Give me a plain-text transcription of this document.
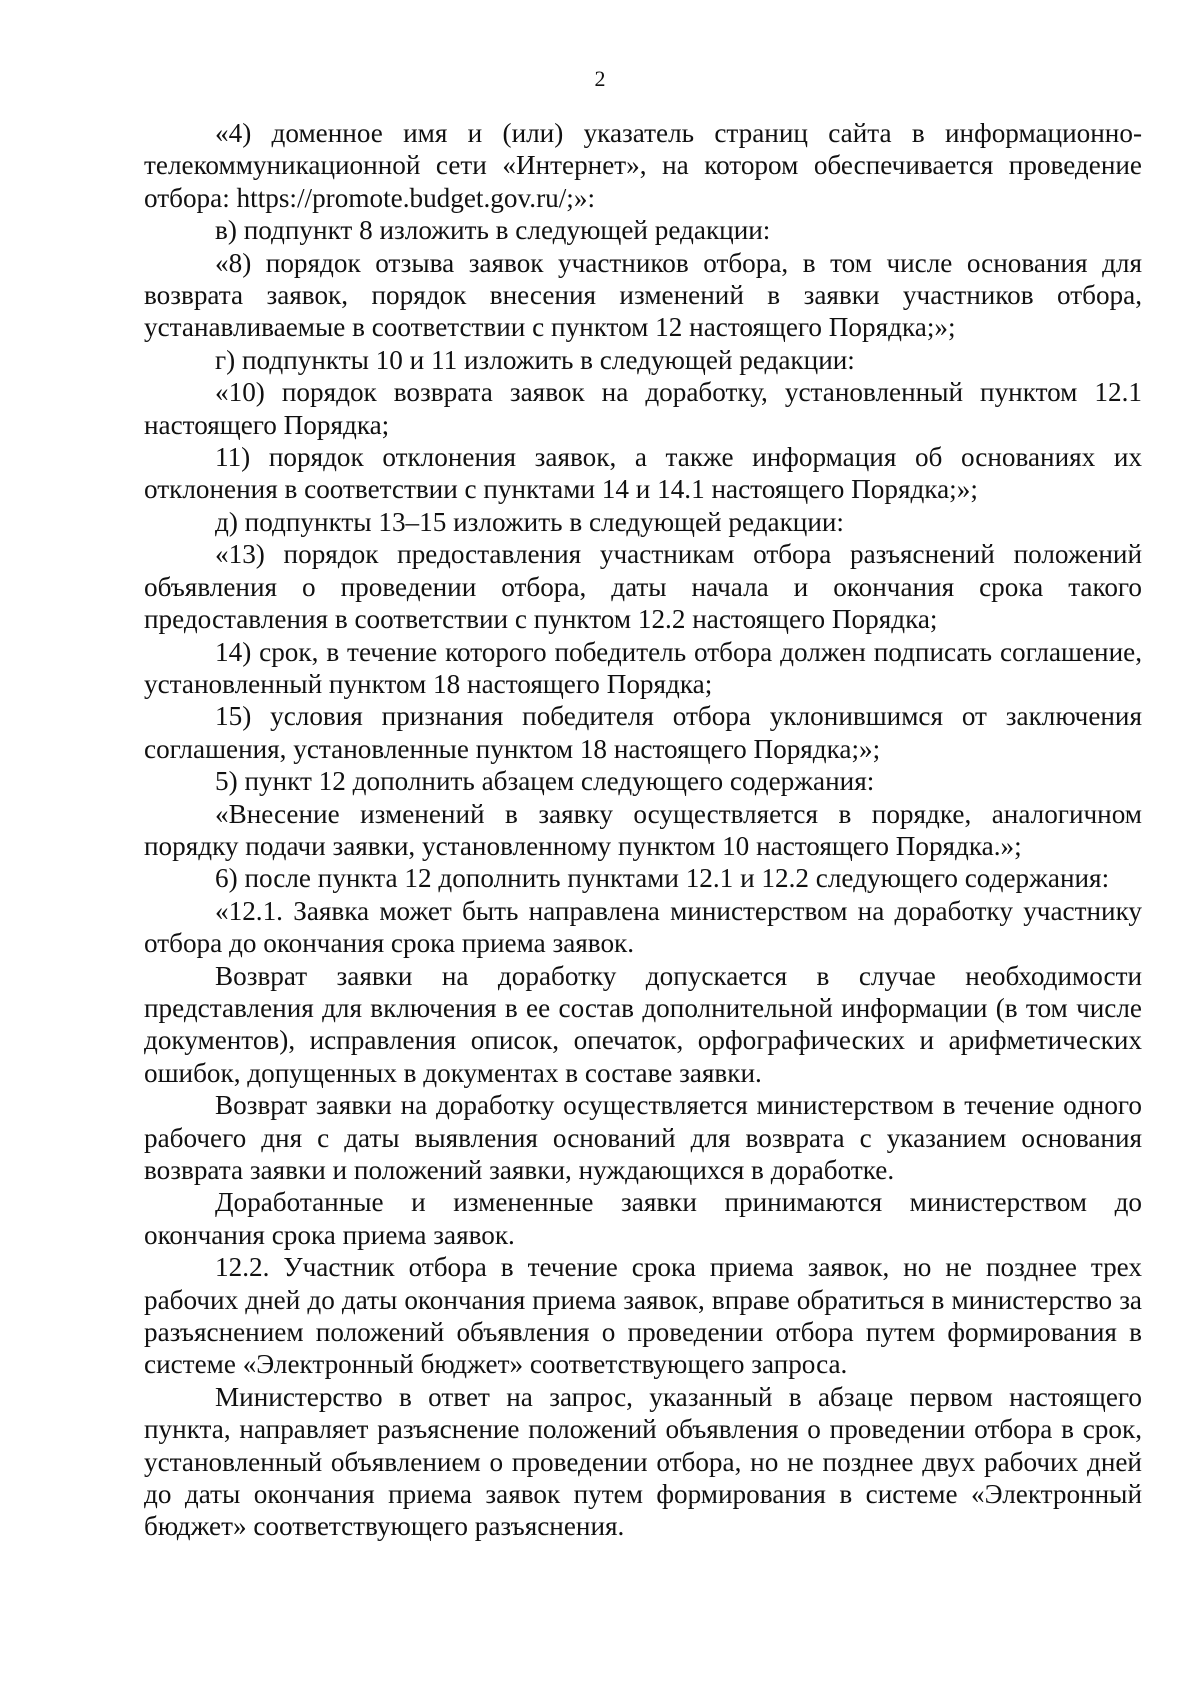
2

«4) доменное имя и (или) указатель страниц сайта в информационно-телекоммуникационной сети «Интернет», на котором обеспечивается проведение отбора: https://promote.budget.gov.ru/;»:

в) подпункт 8 изложить в следующей редакции:

«8) порядок отзыва заявок участников отбора, в том числе основания для возврата заявок, порядок внесения изменений в заявки участников отбора, устанавливаемые в соответствии с пунктом 12 настоящего Порядка;»;

г) подпункты 10 и 11 изложить в следующей редакции:

«10) порядок возврата заявок на доработку, установленный пунктом 12.1 настоящего Порядка;

11) порядок отклонения заявок, а также информация об основаниях их отклонения в соответствии с пунктами 14 и 14.1 настоящего Порядка;»;

д) подпункты 13–15 изложить в следующей редакции:

«13) порядок предоставления участникам отбора разъяснений положений объявления о проведении отбора, даты начала и окончания срока такого предоставления в соответствии с пунктом 12.2 настоящего Порядка;

14) срок, в течение которого победитель отбора должен подписать соглашение, установленный пунктом 18 настоящего Порядка;

15) условия признания победителя отбора уклонившимся от заключения соглашения, установленные пунктом 18 настоящего Порядка;»;

5) пункт 12 дополнить абзацем следующего содержания:

«Внесение изменений в заявку осуществляется в порядке, аналогичном порядку подачи заявки, установленному пунктом 10 настоящего Порядка.»;

6) после пункта 12 дополнить пунктами 12.1 и 12.2 следующего содержания:

«12.1. Заявка может быть направлена министерством на доработку участнику отбора до окончания срока приема заявок.

Возврат заявки на доработку допускается в случае необходимости представления для включения в ее состав дополнительной информации (в том числе документов), исправления описок, опечаток, орфографических и арифметических ошибок, допущенных в документах в составе заявки.

Возврат заявки на доработку осуществляется министерством в течение одного рабочего дня с даты выявления оснований для возврата с указанием основания возврата заявки и положений заявки, нуждающихся в доработке.

Доработанные и измененные заявки принимаются министерством до окончания срока приема заявок.

12.2. Участник отбора в течение срока приема заявок, но не позднее трех рабочих дней до даты окончания приема заявок, вправе обратиться в министерство за разъяснением положений объявления о проведении отбора путем формирования в системе «Электронный бюджет» соответствующего запроса.

Министерство в ответ на запрос, указанный в абзаце первом настоящего пункта, направляет разъяснение положений объявления о проведении отбора в срок, установленный объявлением о проведении отбора, но не позднее двух рабочих дней до даты окончания приема заявок путем формирования в системе «Электронный бюджет» соответствующего разъяснения.
